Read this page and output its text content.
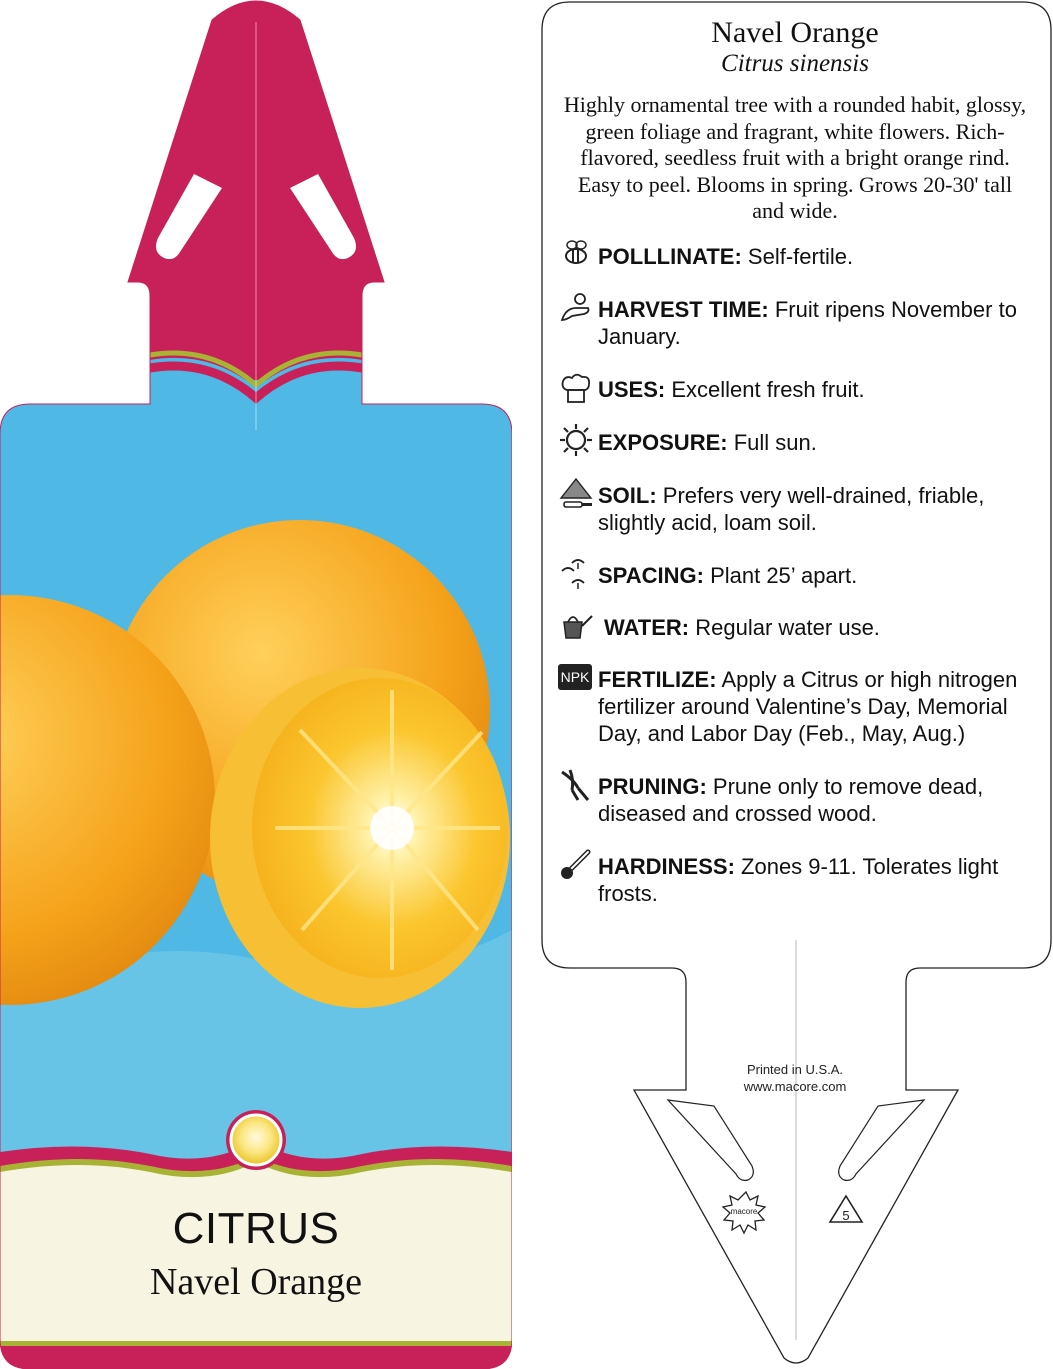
CITRUS
Navel Orange
macore	5
Navel Orange
Citrus sinensis
Highly ornamental tree with a rounded habit, glossy, green foliage and fragrant, white flowers. Rich-flavored, seedless fruit with a bright orange rind. Easy to peel. Blooms in spring. Grows 20-30' tall and wide.
NPK
POLLLINATE: Self-fertile.
HARVEST TIME: Fruit ripens November to January.
USES: Excellent fresh fruit.
EXPOSURE: Full sun.
SOIL: Prefers very well-drained, friable, slightly acid, loam soil.
SPACING: Plant 25’ apart.
WATER: Regular water use.
FERTILIZE: Apply a Citrus or high nitrogen fertilizer around Valentine’s Day, Memorial Day, and Labor Day (Feb., May, Aug.)
PRUNING: Prune only to remove dead, diseased and crossed wood.
HARDINESS: Zones 9-11. Tolerates light frosts.
Printed in U.S.A.
www.macore.com
